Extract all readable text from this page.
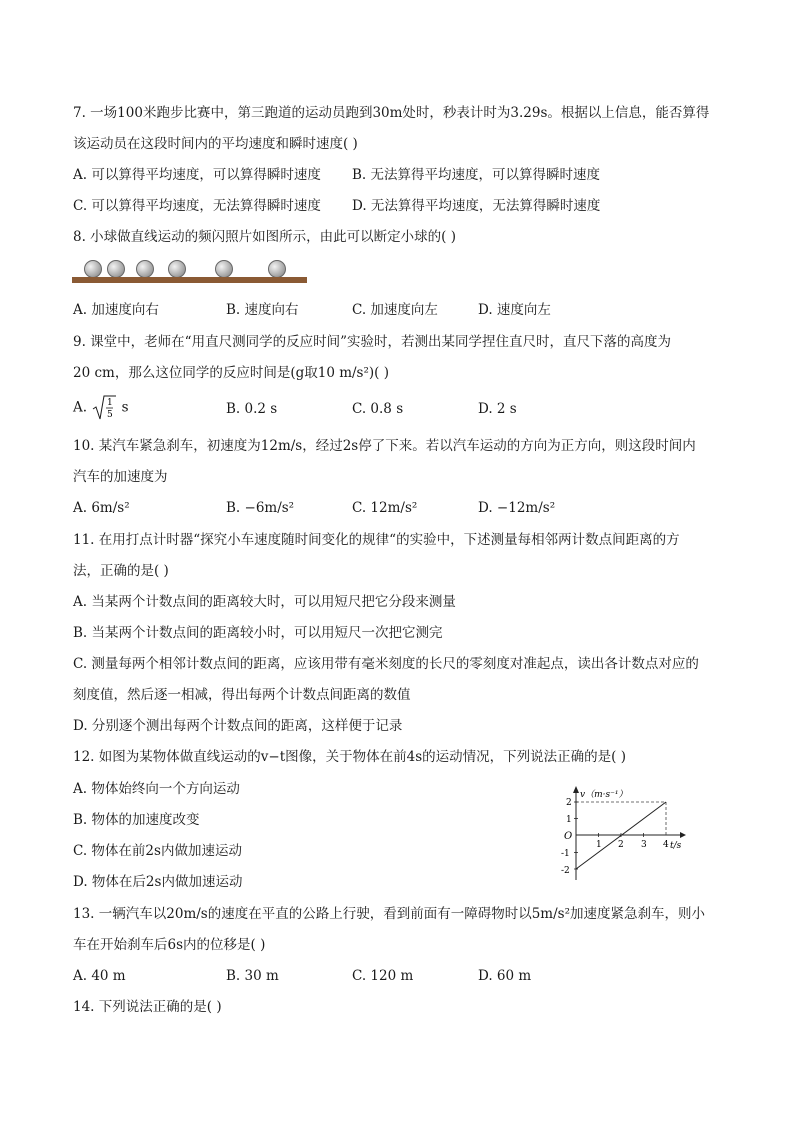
7. 一场100米跑步比赛中，第三跑道的运动员跑到30m处时，秒表计时为3.29s。根据以上信息，能否算得
该运动员在这段时间内的平均速度和瞬时速度( )
A. 可以算得平均速度，可以算得瞬时速度 B. 无法算得平均速度，可以算得瞬时速度
C. 可以算得平均速度，无法算得瞬时速度 D. 无法算得平均速度，无法算得瞬时速度
8. 小球做直线运动的频闪照片如图所示，由此可以断定小球的( )
A. 加速度向右	B. 速度向右	C. 加速度向左	D. 速度向左
9. 课堂中，老师在“用直尺测同学的反应时间”实验时，若测出某同学捏住直尺时，直尺下落的高度为
20 cm，那么这位同学的反应时间是(g取10 m/s²)( )
A. 1
5 s	B. 0.2 s	C. 0.8 s	D. 2 s
10. 某汽车紧急刹车，初速度为12m/s，经过2s停了下来。若以汽车运动的方向为正方向，则这段时间内
汽车的加速度为
A. 6m/s²	B. −6m/s²	C. 12m/s²	D. −12m/s²
11. 在用打点计时器“探究小车速度随时间变化的规律“的实验中，下述测量每相邻两计数点间距离的方
法，正确的是( )
A. 当某两个计数点间的距离较大时，可以用短尺把它分段来测量
B. 当某两个计数点间的距离较小时，可以用短尺一次把它测完
C. 测量每两个相邻计数点间的距离，应该用带有毫米刻度的长尺的零刻度对准起点，读出各计数点对应的
刻度值，然后逐一相减，得出每两个计数点间距离的数值
D. 分别逐个测出每两个计数点间的距离，这样便于记录
12. 如图为某物体做直线运动的v−t图像，关于物体在前4s的运动情况，下列说法正确的是( )
A. 物体始终向一个方向运动
B. 物体的加速度改变
C. 物体在前2s内做加速运动
D. 物体在后2s内做加速运动
v（m·s⁻¹）
t/s
O
2
1
-1
-2
1 2 3 4
13. 一辆汽车以20m/s的速度在平直的公路上行驶，看到前面有一障碍物时以5m/s²加速度紧急刹车，则小
车在开始刹车后6s内的位移是( )
A. 40 m	B. 30 m	C. 120 m	D. 60 m
14. 下列说法正确的是( )
